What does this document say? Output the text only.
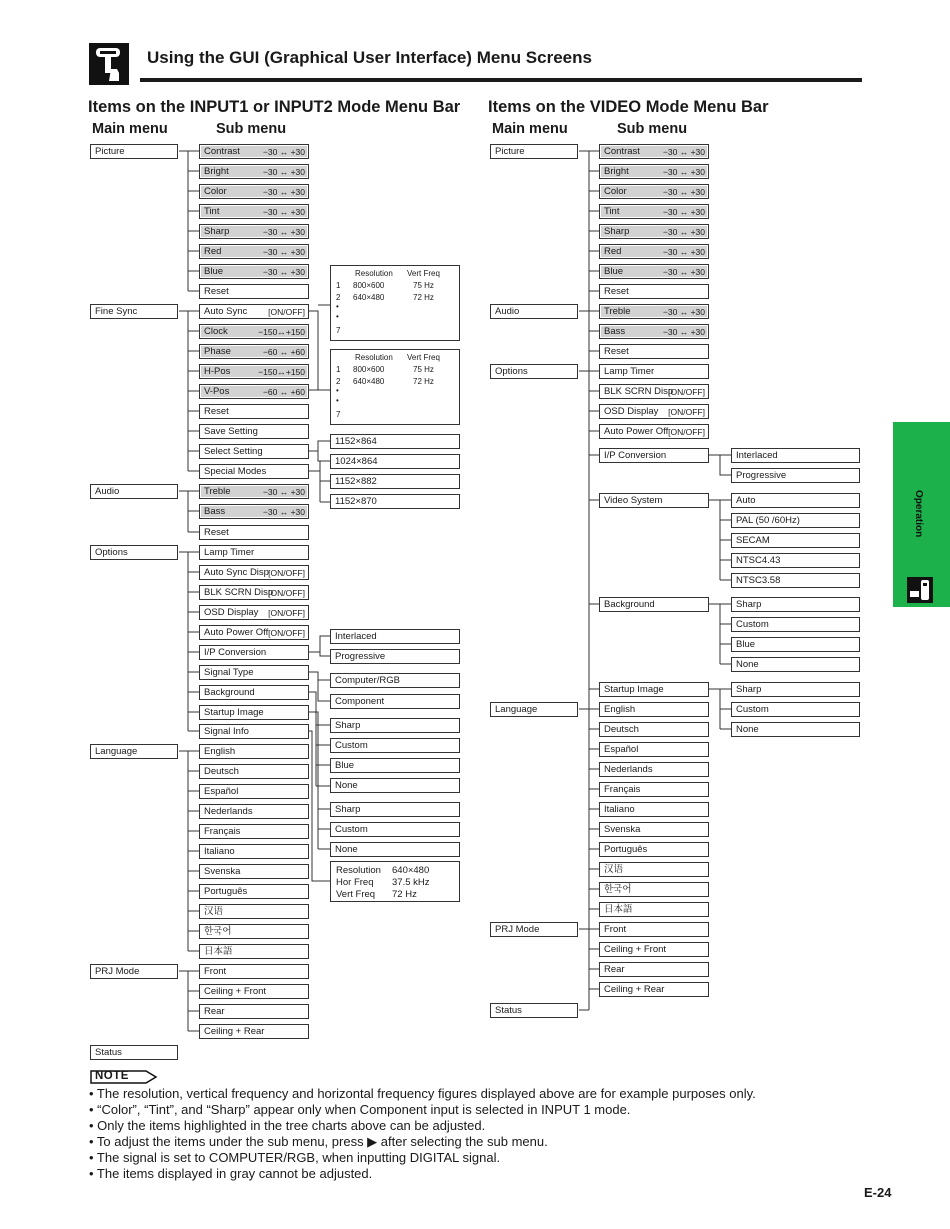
Using the GUI (Graphical User Interface) Menu Screens
Items on the INPUT1 or INPUT2 Mode Menu Bar
Main menu	Sub menu
Items on the VIDEO Mode Menu Bar
Main menu	Sub menu
Resolution Vert Freq
1 800×600	75 Hz
2 640×480	72 Hz
•
•
7
Resolution Vert Freq
1 800×600	75 Hz
2 640×480	72 Hz
•
•
7
Resolution 640×480
Hor Freq 37.5 kHz
Vert Freq 72 Hz
Picture
Fine Sync
Audio
Options
Language
PRJ Mode
Status
Contrast	−30 ↔ +30
Bright	−30 ↔ +30
Color	−30 ↔ +30
Tint	−30 ↔ +30
Sharp	−30 ↔ +30
Red	−30 ↔ +30
Blue	−30 ↔ +30
Reset
Auto Sync [ON/OFF]
Clock	−150↔+150
Phase	−60 ↔ +60
H-Pos	−150↔+150
V-Pos	−60 ↔ +60
Reset
Save Setting
Select Setting
Special Modes
Treble	−30 ↔ +30
Bass	−30 ↔ +30
Reset
Lamp Timer
Auto Sync Disp [ON/OFF]
BLK SCRN Disp
[ON/OFF]
OSD Display [ON/OFF]
Auto Power Off [ON/OFF]
I/P Conversion
Signal Type
Background
Startup Image
Signal Info
English
Deutsch
Español
Nederlands
Français
Italiano
Svenska
Português
汉语
한국어
日本語
Front
Ceiling + Front
Rear
Ceiling + Rear
1152×864
1024×864
1152×882
1152×870
Interlaced
Progressive
Computer/RGB
Component
Sharp
Custom
Blue
None
Sharp
Custom
None
Picture
Audio
Options
Language
PRJ Mode
Status
Contrast	−30 ↔ +30
Bright	−30 ↔ +30
Color	−30 ↔ +30
Tint	−30 ↔ +30
Sharp	−30 ↔ +30
Red	−30 ↔ +30
Blue	−30 ↔ +30
Reset
Treble	−30 ↔ +30
Bass	−30 ↔ +30
Reset
Lamp Timer
BLK SCRN Disp
[ON/OFF]
OSD Display [ON/OFF]
Auto Power Off [ON/OFF]
I/P Conversion
Video System
Background
Startup Image
English
Deutsch
Español
Nederlands
Français
Italiano
Svenska
Português
汉语
한국어
日本語
Front
Ceiling + Front
Rear
Ceiling + Rear
Interlaced
Progressive
Auto
PAL (50 /60Hz)
SECAM
NTSC4.43
NTSC3.58
Sharp
Custom
Blue
None
Sharp
Custom
None
Operation
NOTE
• The resolution, vertical frequency and horizontal frequency figures displayed above are for example purposes only.
• “Color”, “Tint”, and “Sharp” appear only when Component input is selected in INPUT 1 mode.
• Only the items highlighted in the tree charts above can be adjusted.
• To adjust the items under the sub menu, press ▶ after selecting the sub menu.
• The signal is set to COMPUTER/RGB, when inputting DIGITAL signal.
• The items displayed in gray cannot be adjusted.
E-24
